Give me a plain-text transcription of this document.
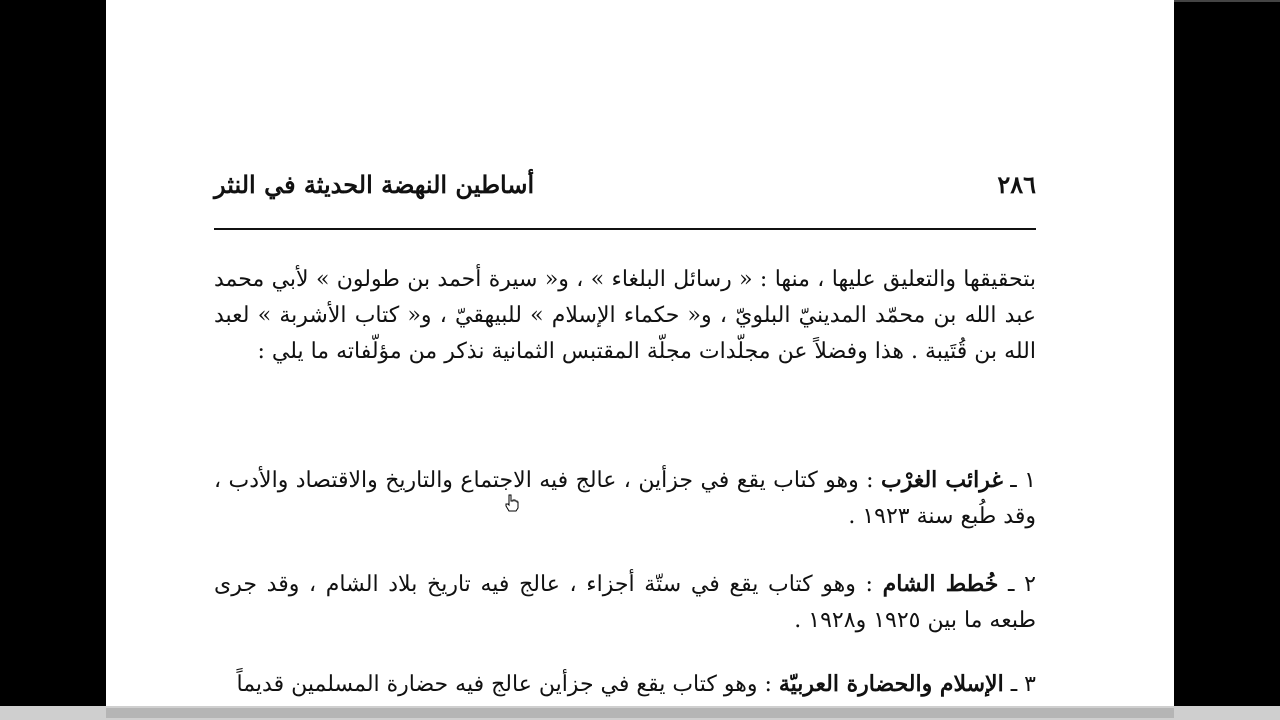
٢٨٦
أساطين النهضة الحديثة في النثر
بتحقيقها والتعليق عليها ، منها : « رسائل البلغاء » ، و« سيرة أحمد بن طولون » لأبي محمد عبد الله بن محمّد المدينيّ البلويّ ، و« حكماء الإسلام » للبيهقيّ ، و« كتاب الأشربة » لعبد الله بن قُتَيبة . هذا وفضلاً عن مجلّدات مجلّة المقتبس الثمانية نذكر من مؤلّفاته ما يلي :
١ ـ غرائب الغرْب : وهو كتاب يقع في جزأين ، عالج فيه الاجتماع والتاريخ والاقتصاد والأدب ، وقد طُبع سنة ١٩٢٣ .
٢ ـ خُطط الشام : وهو كتاب يقع في ستّة أجزاء ، عالج فيه تاريخ بلاد الشام ، وقد جرى طبعه ما بين ١٩٢٥ و١٩٢٨ .
٣ ـ الإسلام والحضارة العربيّة : وهو كتاب يقع في جزأين عالج فيه حضارة المسلمين قديماً
